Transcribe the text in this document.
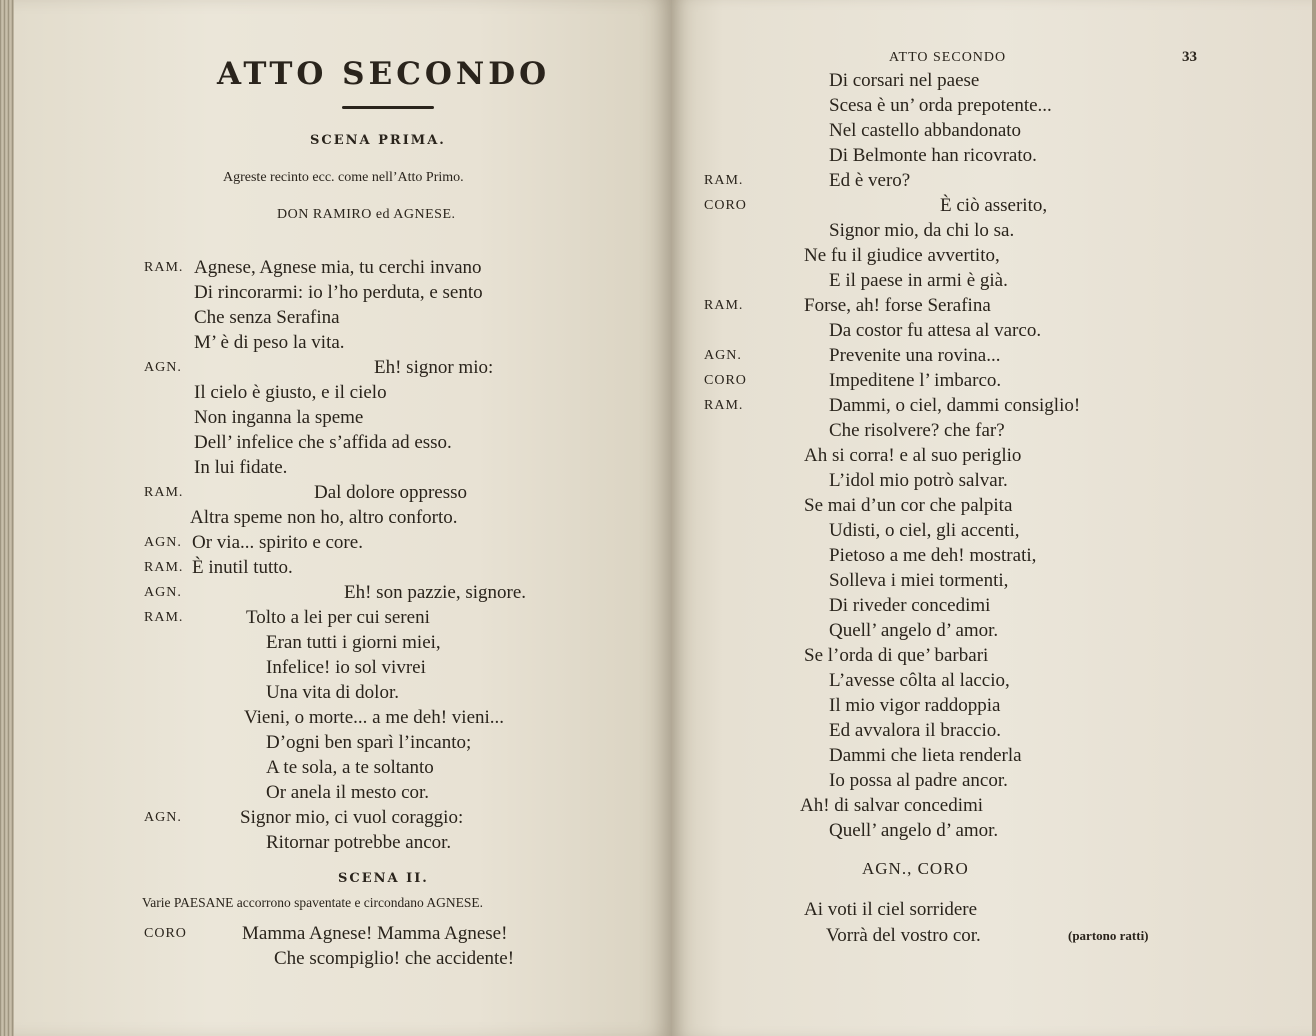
ATTO SECONDO
SCENA PRIMA.
Agreste recinto ecc. come nell’Atto Primo.
DON RAMIRO ed AGNESE.
RAM. Agnese, Agnese mia, tu cerchi invano
Di rincorarmi: io l’ho perduta, e sento
Che senza Serafina
M’ è di peso la vita.
AGN.	Eh! signor mio:
Il cielo è giusto, e il cielo
Non inganna la speme
Dell’ infelice che s’affida ad esso.
In lui fidate.
RAM.	Dal dolore oppresso
Altra speme non ho, altro conforto.
AGN. Or via... spirito e core.
RAM. È inutil tutto.
AGN.	Eh! son pazzie, signore.
RAM.	Tolto a lei per cui sereni
Eran tutti i giorni miei,
Infelice! io sol vivrei
Una vita di dolor.
Vieni, o morte... a me deh! vieni...
D’ogni ben sparì l’incanto;
A te sola, a te soltanto
Or anela il mesto cor.
AGN.	Signor mio, ci vuol coraggio:
Ritornar potrebbe ancor.
SCENA II.
Varie PAESANE accorrono spaventate e circondano AGNESE.
CORO	Mamma Agnese! Mamma Agnese!
Che scompiglio! che accidente!
ATTO SECONDO	33
Di corsari nel paese
Scesa è un’ orda prepotente...
Nel castello abbandonato
Di Belmonte han ricovrato.
RAM.	Ed è vero?
CORO	È ciò asserito,
Signor mio, da chi lo sa.
Ne fu il giudice avvertito,
E il paese in armi è già.
RAM.	Forse, ah! forse Serafina
Da costor fu attesa al varco.
AGN.	Prevenite una rovina...
CORO	Impeditene l’ imbarco.
RAM.	Dammi, o ciel, dammi consiglio!
Che risolvere? che far?
Ah si corra! e al suo periglio
L’idol mio potrò salvar.
Se mai d’un cor che palpita
Udisti, o ciel, gli accenti,
Pietoso a me deh! mostrati,
Solleva i miei tormenti,
Di riveder concedimi
Quell’ angelo d’ amor.
Se l’orda di que’ barbari
L’avesse côlta al laccio,
Il mio vigor raddoppia
Ed avvalora il braccio.
Dammi che lieta renderla
Io possa al padre ancor.
Ah! di salvar concedimi
Quell’ angelo d’ amor.
AGN., CORO
Ai voti il ciel sorridere
Vorrà del vostro cor.	(partono ratti)
